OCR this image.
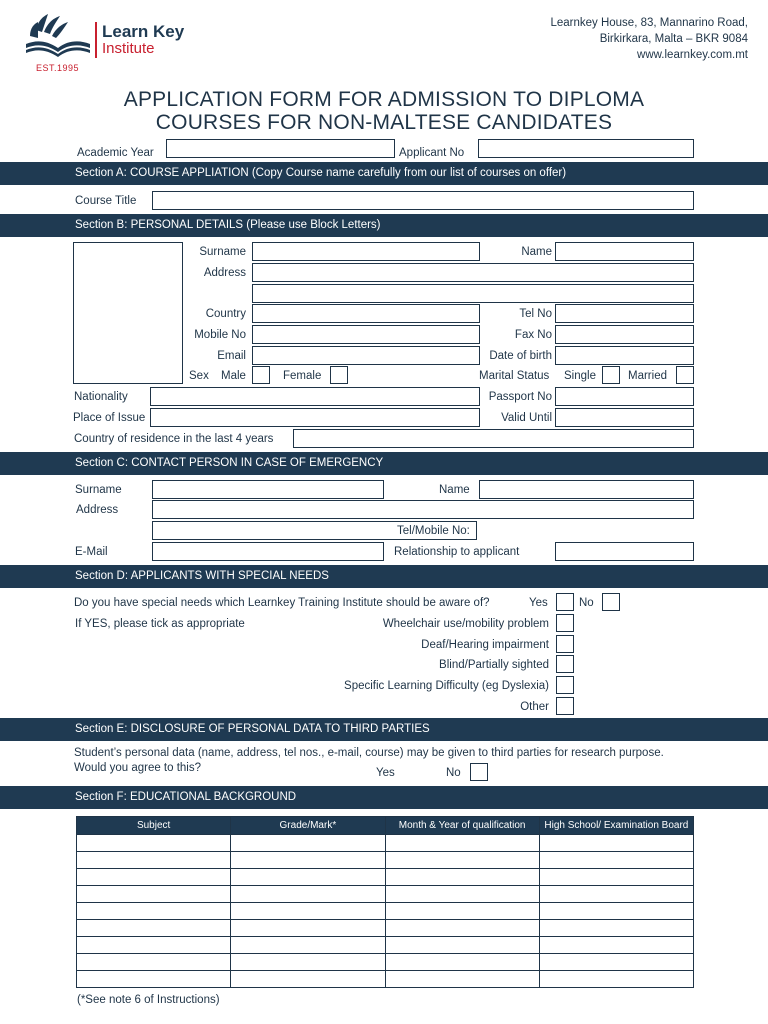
Learn Key
Institute
EST.1995
Learnkey House, 83, Mannarino Road,
Birkirkara, Malta – BKR 9084
www.learnkey.com.mt
APPLICATION FORM FOR ADMISSION TO DIPLOMA
COURSES FOR NON-MALTESE CANDIDATES
Academic Year	Applicant No
Section A: COURSE APPLIATION (Copy Course name carefully from our list of courses on offer)
Course Title
Section B: PERSONAL DETAILS (Please use Block Letters)
Surname	Name
Address
Country	Tel No
Mobile No	Fax No
Email	Date of birth
Sex Male	Female	Marital Status Single	Married
Nationality	Passport No
Place of Issue	Valid Until
Country of residence in the last 4 years
Section C: CONTACT PERSON IN CASE OF EMERGENCY
Surname	Name
Address
Tel/Mobile No:
E-Mail	Relationship to applicant
Section D: APPLICANTS WITH SPECIAL NEEDS
Do you have special needs which Learnkey Training Institute should be aware of?	Yes	No
If YES, please tick as appropriate	Wheelchair use/mobility problem
Deaf/Hearing impairment
Blind/Partially sighted
Specific Learning Difficulty (eg Dyslexia)
Other
Section E: DISCLOSURE OF PERSONAL DATA TO THIRD PARTIES
Student’s personal data (name, address, tel nos., e-mail, course) may be given to third parties for research purpose.
Would you agree to this?	Yes	No
Section F: EDUCATIONAL BACKGROUND
Subject	Grade/Mark*	Month & Year of qualification	High School/ Examination Board

(*See note 6 of Instructions)
